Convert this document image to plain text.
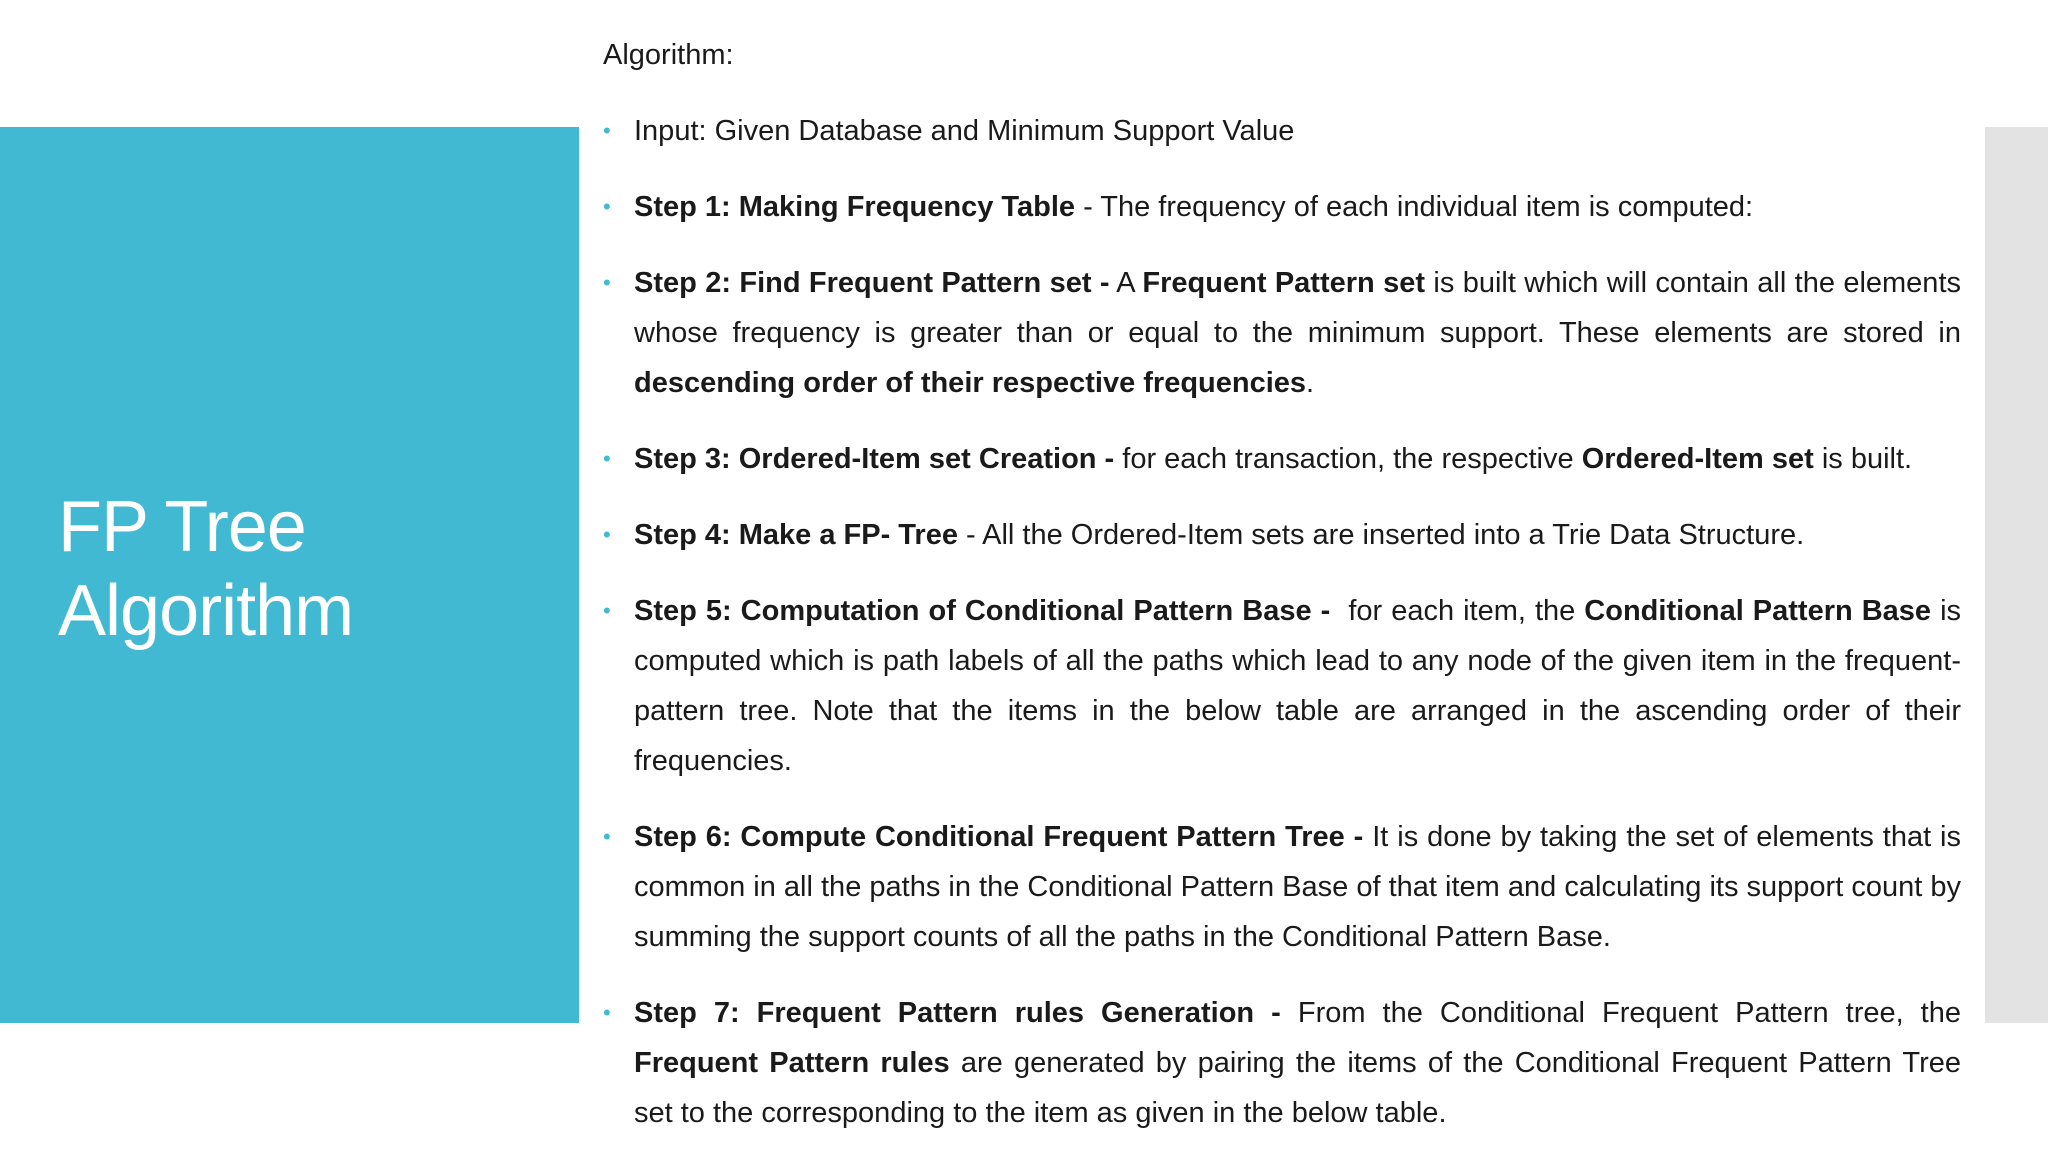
FP Tree
Algorithm

Algorithm:

• Input: Given Database and Minimum Support Value
• Step 1: Making Frequency Table - The frequency of each individual item is computed:
• Step 2: Find Frequent Pattern set - A Frequent Pattern set is built which will contain all the elements whose frequency is greater than or equal to the minimum support. These elements are stored in descending order of their respective frequencies.
• Step 3: Ordered-Item set Creation - for each transaction, the respective Ordered-Item set is built.
• Step 4: Make a FP- Tree - All the Ordered-Item sets are inserted into a Trie Data Structure.
• Step 5: Computation of Conditional Pattern Base -  for each item, the Conditional Pattern Base is computed which is path labels of all the paths which lead to any node of the given item in the frequent-pattern tree. Note that the items in the below table are arranged in the ascending order of their frequencies.
• Step 6: Compute Conditional Frequent Pattern Tree - It is done by taking the set of elements that is common in all the paths in the Conditional Pattern Base of that item and calculating its support count by summing the support counts of all the paths in the Conditional Pattern Base.
• Step 7: Frequent Pattern rules Generation - From the Conditional Frequent Pattern tree, the Frequent Pattern rules are generated by pairing the items of the Conditional Frequent Pattern Tree set to the corresponding to the item as given in the below table.
